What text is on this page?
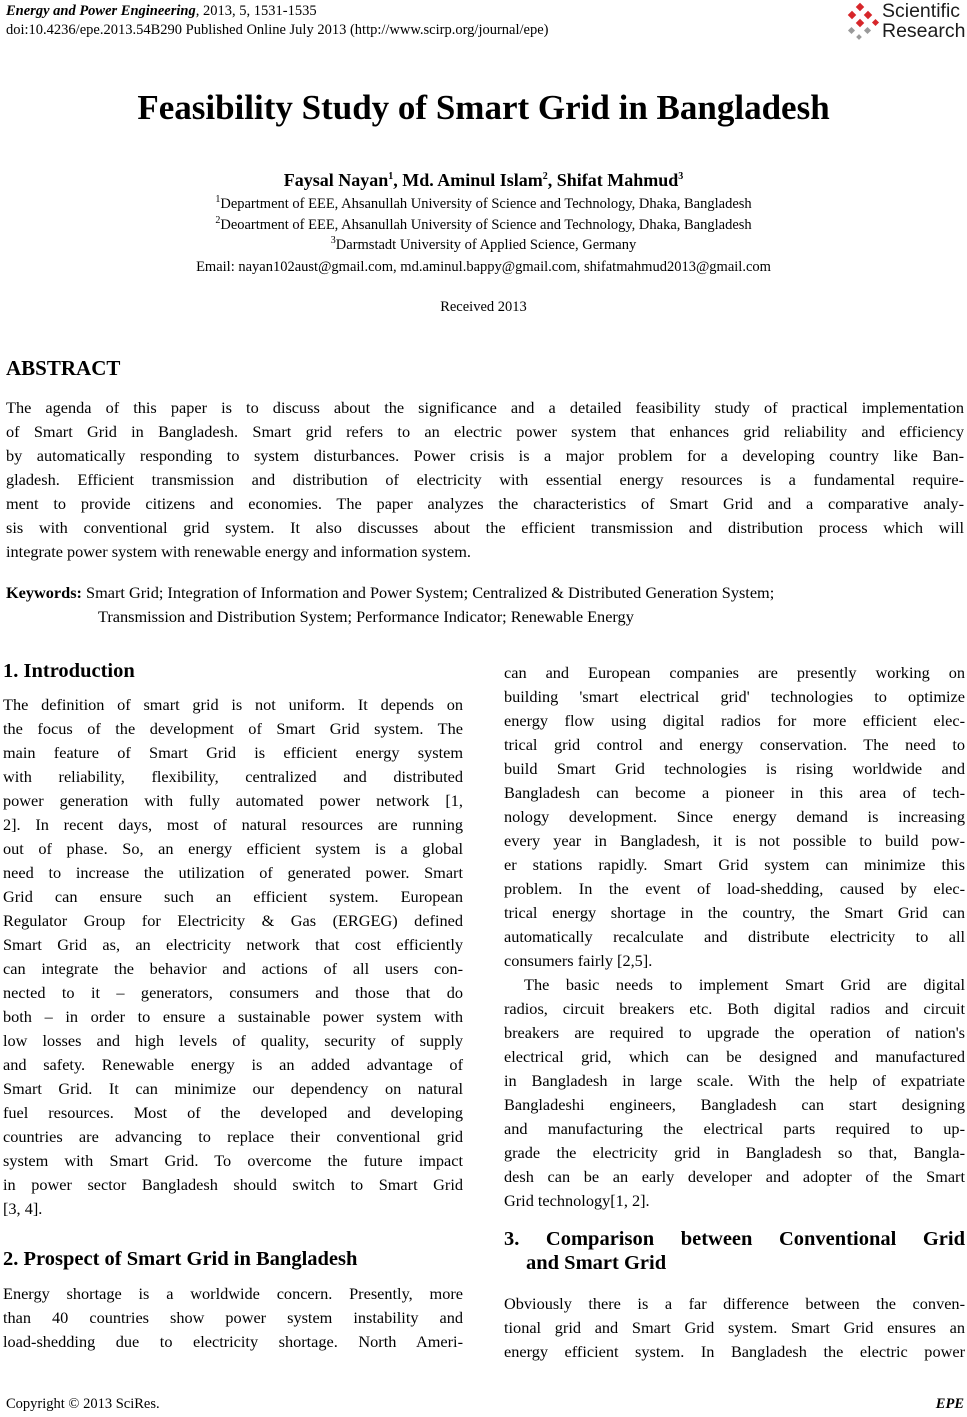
Energy and Power Engineering, 2013, 5, 1531-1535
doi:10.4236/epe.2013.54B290 Published Online July 2013 (http://www.scirp.org/journal/epe)
Scientific
Research
Feasibility Study of Smart Grid in Bangladesh
Faysal Nayan$^1$, Md. Aminul Islam$^2$, Shifat Mahmud$^3$
$^1$Department of EEE, Ahsanullah University of Science and Technology, Dhaka, Bangladesh
$^2$Deoartment of EEE, Ahsanullah University of Science and Technology, Dhaka, Bangladesh
$^3$Darmstadt University of Applied Science, Germany
Email: nayan102aust@gmail.com, md.aminul.bappy@gmail.com, shifatmahmud2013@gmail.com
Received 2013
ABSTRACT
The agenda of this paper is to discuss about the significance and a detailed feasibility study of practical implementation
of Smart Grid in Bangladesh. Smart grid refers to an electric power system that enhances grid reliability and efficiency
by automatically responding to system disturbances. Power crisis is a major problem for a developing country like Ban-
gladesh. Efficient transmission and distribution of electricity with essential energy resources is a fundamental require-
ment to provide citizens and economies. The paper analyzes the characteristics of Smart Grid and a comparative analy-
sis with conventional grid system. It also discusses about the efficient transmission and distribution process which will
integrate power system with renewable energy and information system.
Keywords: Smart Grid; Integration of Information and Power System; Centralized & Distributed Generation System;
Transmission and Distribution System; Performance Indicator; Renewable Energy
1. Introduction
The definition of smart grid is not uniform. It depends on
the focus of the development of Smart Grid system. The
main feature of Smart Grid is efficient energy system
with reliability, flexibility, centralized and distributed
power generation with fully automated power network [1,
2]. In recent days, most of natural resources are running
out of phase. So, an energy efficient system is a global
need to increase the utilization of generated power. Smart
Grid can ensure such an efficient system. European
Regulator Group for Electricity & Gas (ERGEG) defined
Smart Grid as, an electricity network that cost efficiently
can integrate the behavior and actions of all users con-
nected to it – generators, consumers and those that do
both – in order to ensure a sustainable power system with
low losses and high levels of quality, security of supply
and safety. Renewable energy is an added advantage of
Smart Grid. It can minimize our dependency on natural
fuel resources. Most of the developed and developing
countries are advancing to replace their conventional grid
system with Smart Grid. To overcome the future impact
in power sector Bangladesh should switch to Smart Grid
[3, 4].
2. Prospect of Smart Grid in Bangladesh
Energy shortage is a worldwide concern. Presently, more
than 40 countries show power system instability and
load-shedding due to electricity shortage. North Ameri-
can and European companies are presently working on
building 'smart electrical grid' technologies to optimize
energy flow using digital radios for more efficient elec-
trical grid control and energy conservation. The need to
build Smart Grid technologies is rising worldwide and
Bangladesh can become a pioneer in this area of tech-
nology development. Since energy demand is increasing
every year in Bangladesh, it is not possible to build pow-
er stations rapidly. Smart Grid system can minimize this
problem. In the event of load-shedding, caused by elec-
trical energy shortage in the country, the Smart Grid can
automatically recalculate and distribute electricity to all
consumers fairly [2,5].
The basic needs to implement Smart Grid are digital
radios, circuit breakers etc. Both digital radios and circuit
breakers are required to upgrade the operation of nation's
electrical grid, which can be designed and manufactured
in Bangladesh in large scale. With the help of expatriate
Bangladeshi engineers, Bangladesh can start designing
and manufacturing the electrical parts required to up-
grade the electricity grid in Bangladesh so that, Bangla-
desh can be an early developer and adopter of the Smart
Grid technology[1, 2].
3. Comparison between Conventional Grid
and Smart Grid
Obviously there is a far difference between the conven-
tional grid and Smart Grid system. Smart Grid ensures an
energy efficient system. In Bangladesh the electric power
Copyright © 2013 SciRes.	EPE
